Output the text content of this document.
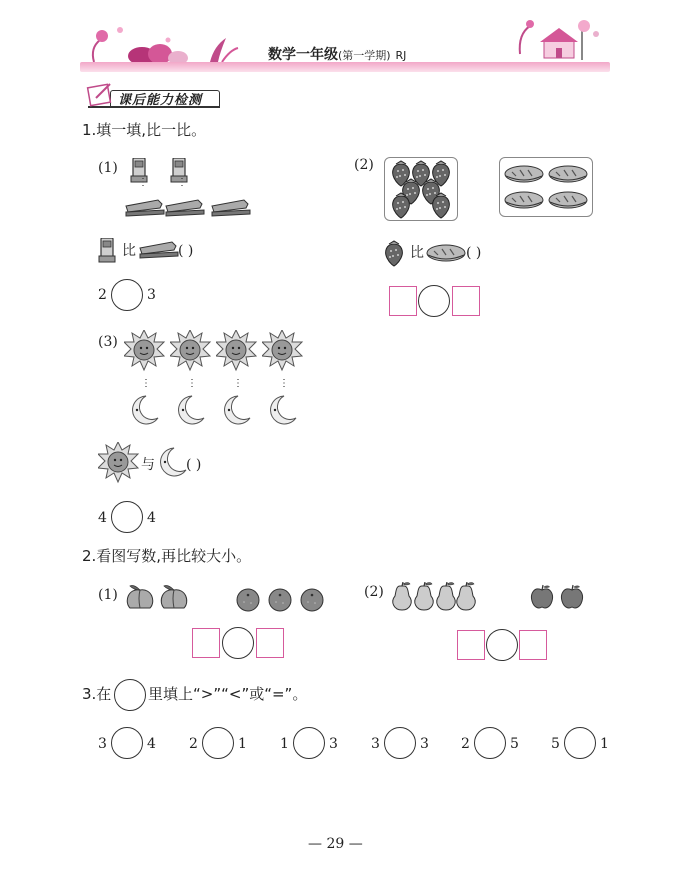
数学一年级(第一学期) RJ
课后能力检测
1.填一填,比一比。
(1)
⋮	⋮
比	( )
2	3
(2)
比	( )
(3)
⋮	⋮	⋮	⋮
与 ( )
4	4
2.看图写数,再比较大小。
(1)	(2)
3.在 里填上“>”“<”或“=”。
3	4 2	1 1	3 3	3 2	5 5	1
— 29 —
